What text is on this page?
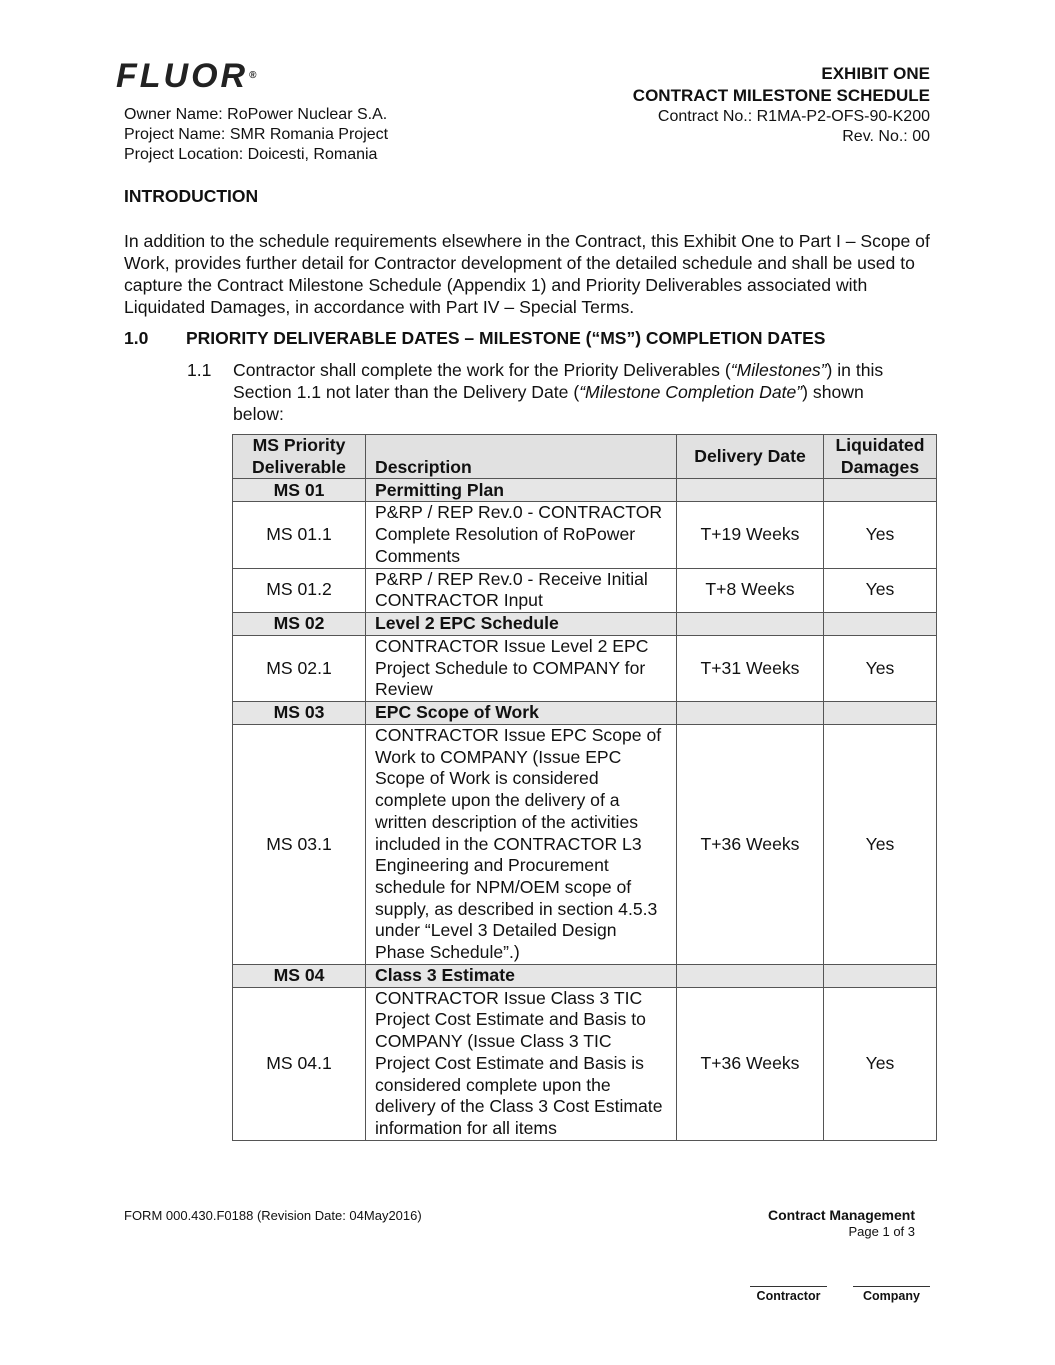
FLUOR®
Owner Name: RoPower Nuclear S.A.
Project Name: SMR Romania Project
Project Location: Doicesti, Romania
EXHIBIT ONE
CONTRACT MILESTONE SCHEDULE
Contract No.: R1MA-P2-OFS-90-K200
Rev. No.: 00
INTRODUCTION
In addition to the schedule requirements elsewhere in the Contract, this Exhibit One to Part I – Scope of Work, provides further detail for Contractor development of the detailed schedule and shall be used to capture the Contract Milestone Schedule (Appendix 1) and Priority Deliverables associated with Liquidated Damages, in accordance with Part IV – Special Terms.
1.0 PRIORITY DELIVERABLE DATES – MILESTONE (“MS”) COMPLETION DATES
1.1 Contractor shall complete the work for the Priority Deliverables (“Milestones”) in this Section 1.1 not later than the Delivery Date (“Milestone Completion Date”) shown below:
MS Priority Deliverable	Description	Delivery Date	Liquidated Damages
MS 01	Permitting Plan		
MS 01.1	P&RP / REP Rev.0 - CONTRACTOR Complete Resolution of RoPower Comments	T+19 Weeks	Yes
MS 01.2	P&RP / REP Rev.0 - Receive Initial CONTRACTOR Input	T+8 Weeks	Yes
MS 02	Level 2 EPC Schedule		
MS 02.1	CONTRACTOR Issue Level 2 EPC Project Schedule to COMPANY for Review	T+31 Weeks	Yes
MS 03	EPC Scope of Work		
MS 03.1	CONTRACTOR Issue EPC Scope of Work to COMPANY (Issue EPC Scope of Work is considered complete upon the delivery of a written description of the activities included in the CONTRACTOR L3 Engineering and Procurement schedule for NPM/OEM scope of supply, as described in section 4.5.3 under “Level 3 Detailed Design Phase Schedule”.)	T+36 Weeks	Yes
MS 04	Class 3 Estimate		
MS 04.1	CONTRACTOR Issue Class 3 TIC Project Cost Estimate and Basis to COMPANY (Issue Class 3 TIC Project Cost Estimate and Basis is considered complete upon the delivery of the Class 3 Cost Estimate information for all items	T+36 Weeks	Yes
FORM 000.430.F0188 (Revision Date: 04May2016)	Contract Management
Page 1 of 3
Contractor	Company
